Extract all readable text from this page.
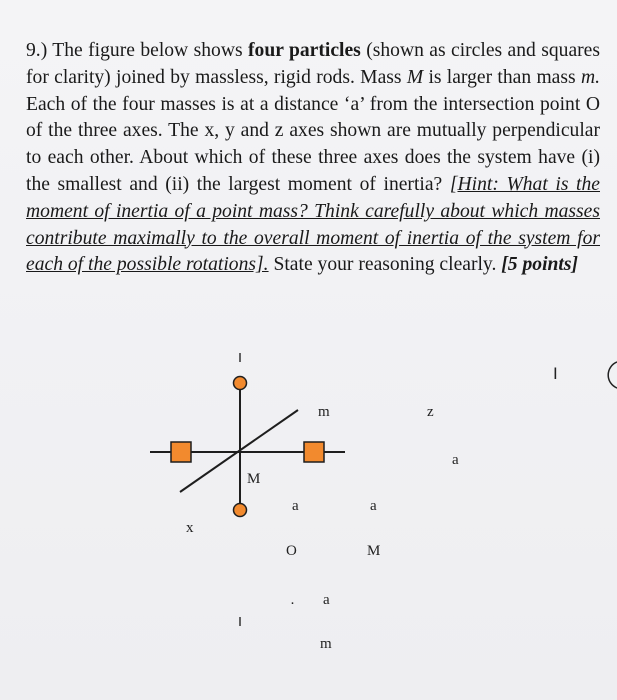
9.) The figure below shows four particles (shown as circles and squares for clarity) joined by massless, rigid rods. Mass M is larger than mass m. Each of the four masses is at a distance ‘a’ from the intersection point O of the three axes. The x, y and z axes shown are mutually perpendicular to each other. About which of these three axes does the system have (i) the smallest and (ii) the largest moment of inertia? [Hint: What is the moment of inertia of a point mass? Think carefully about which masses contribute maximally to the overall moment of inertia of the system for each of the possible rotations]. State your reasoning clearly. [5 points]
m	z
I
a
M
a	a
x
O	M
· a
m
